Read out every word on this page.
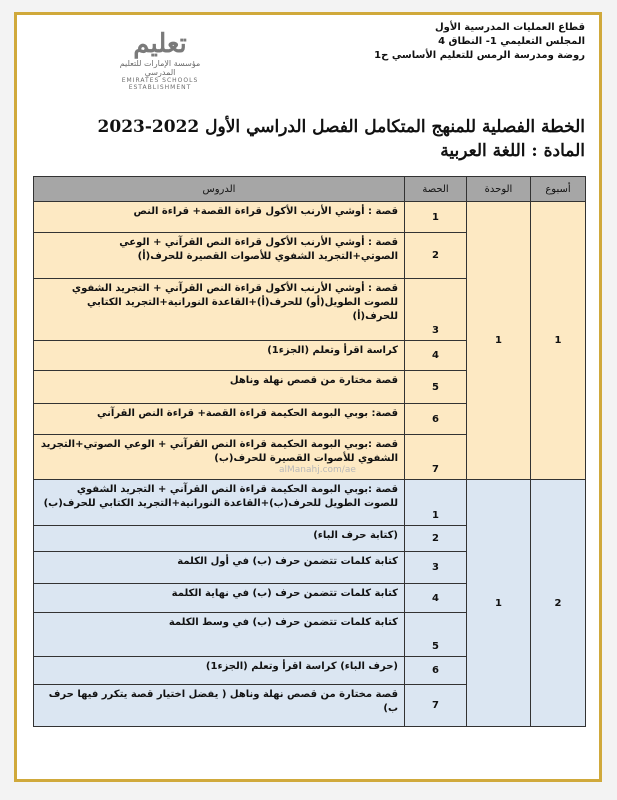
تعليم
مؤسسة الإمارات للتعليم المدرسي
EMIRATES SCHOOLS ESTABLISHMENT
قطاع العمليات المدرسية الأول
المجلس التعليمي 1- النطاق 4
روضة ومدرسة الرمس للتعليم الأساسي ح1
الخطة الفصلية للمنهج المتكامل الفصل الدراسي الأول 2022-2023
المادة : اللغة العربية
أسبوع	الوحدة	الحصة	الدروس
1	1	1	قصة : أوشي الأرنب الأكول قراءة القصة+ قراءة النص
		2	قصة : أوشي الأرنب الأكول قراءة النص القرآني + الوعي الصوتي+التجريد الشفوي للأصوات القصيرة للحرف(أ)
		3	قصة : أوشي الأرنب الأكول قراءة النص القرآني + التجريد الشفوي للصوت الطويل(أو) للحرف(أ)+القاعدة النورانية+التجريد الكتابي للحرف(أ)
		4	كراسة اقرأ وتعلم (الجزء1)
		5	قصة مختارة من قصص نهلة وناهل
		6	قصة: بوبي البومة الحكيمة قراءة القصة+ قراءة النص القرآني
		7	قصة :بوبي البومة الحكيمة قراءة النص القرآني + الوعي الصوتي+التجريد الشفوي للأصوات القصيرة للحرف(ب)
2	1	1	قصة :بوبي البومة الحكيمة قراءة النص القرآني + التجريد الشفوي للصوت الطويل للحرف(ب)+القاعدة النورانية+التجريد الكتابي للحرف(ب)
		2	(كتابة حرف الباء)
		3	كتابة كلمات تتضمن حرف (ب) في أول الكلمة
		4	كتابة كلمات تتضمن حرف (ب) في نهاية الكلمة
		5	كتابة كلمات تتضمن حرف (ب) في وسط الكلمة
		6	(حرف الباء) كراسة اقرأ وتعلم (الجزء1)
		7	قصة مختارة من قصص نهلة وناهل ( يفضل اختيار قصة يتكرر فيها حرف ب)
alManahj.com/ae
